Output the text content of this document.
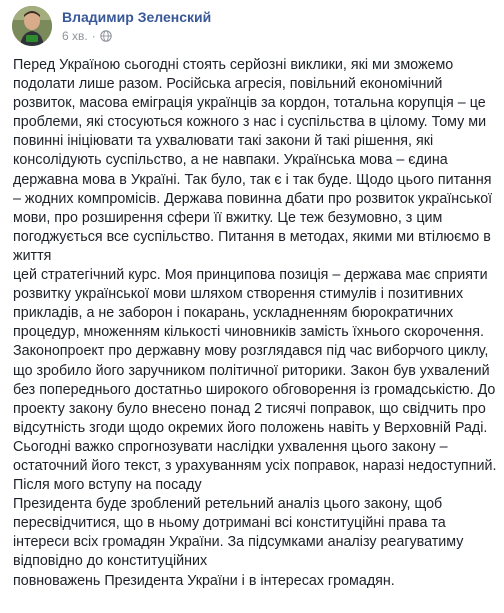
Владимир Зеленский
6 хв. ·

Перед Україною сьогодні стоять серйозні виклики, які ми зможемо подолати лише разом. Російська агресія, повільний економічний розвиток, масова еміграція українців за кордон, тотальна корупція – це проблеми, які стосуються кожного з нас і суспільства в цілому. Тому ми повинні ініціювати та ухвалювати такі закони й такі рішення, які консолідують суспільство, а не навпаки. Українська мова – єдина державна мова в Україні. Так було, так є і так буде. Щодо цього питання – жодних компромісів. Держава повинна дбати про розвиток української мови, про розширення сфери її вжитку. Це теж безумовно, з цим погоджується все суспільство. Питання в методах, якими ми втілюємо в життя

цей стратегічний курс. Моя принципова позиція – держава має сприяти розвитку української мови шляхом створення стимулів і позитивних прикладів, а не заборон і покарань, ускладненням бюрократичних процедур, множенням кількості чиновників замість їхнього скорочення. Законопроект про державну мову розглядався під час виборчого циклу, що зробило його заручником політичної риторики. Закон був ухвалений без попереднього достатньо широкого обговорення із громадськістю. До проекту закону було внесено понад 2 тисячі поправок, що свідчить про відсутність згоди щодо окремих його положень навіть у Верховній Раді. Сьогодні важко спрогнозувати наслідки ухвалення цього закону – остаточний його текст, з урахуванням усіх поправок, наразі недоступний. Після мого вступу на посаду

Президента буде зроблений ретельний аналіз цього закону, щоб пересвідчитися, що в ньому дотримані всі конституційні права та інтереси всіх громадян України. За підсумками аналізу реагуватиму відповідно до конституційних

повноважень Президента України і в інтересах громадян.
